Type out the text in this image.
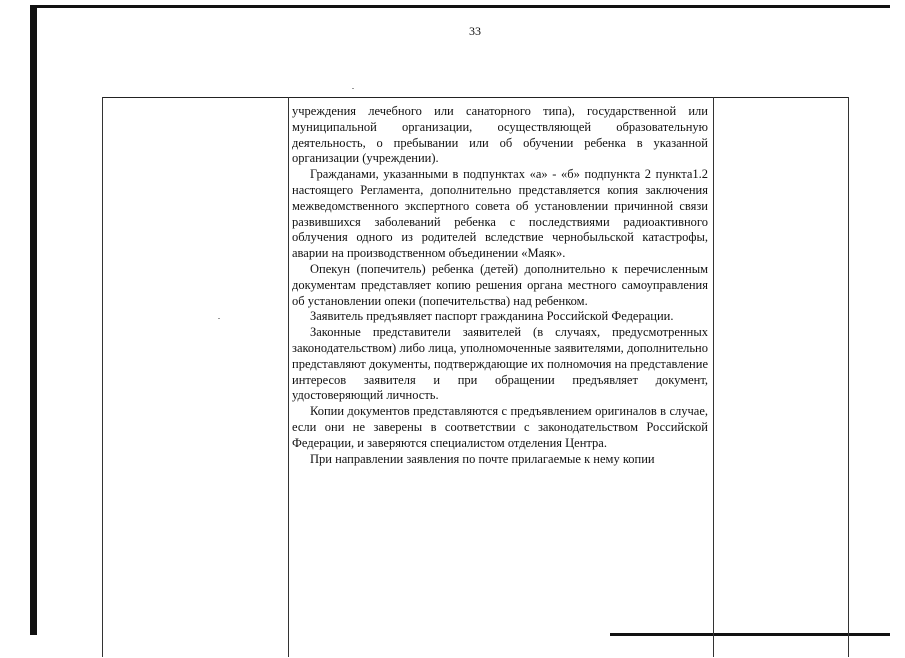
33

учреждения лечебного или санаторного типа), государственной или муниципальной организации, осуществляющей образовательную деятельность, о пребывании или об обучении ребенка в указанной организации (учреждении).

Гражданами, указанными в подпунктах «а» - «б» подпункта 2 пункта1.2 настоящего Регламента, дополнительно представляется копия заключения межведомственного экспертного совета об установлении причинной связи развившихся заболеваний ребенка с последствиями радиоактивного облучения одного из родителей вследствие чернобыльской катастрофы, аварии на производственном объединении «Маяк».

Опекун (попечитель) ребенка (детей) дополнительно к перечисленным документам представляет копию решения органа местного самоуправления об установлении опеки (попечительства) над ребенком.

Заявитель предъявляет паспорт гражданина Российской Федерации.

Законные представители заявителей (в случаях, предусмотренных законодательством) либо лица, уполномоченные заявителями, дополнительно представляют документы, подтверждающие их полномочия на представление интересов заявителя и при обращении предъявляет документ, удостоверяющий личность.

Копии документов представляются с предъявлением оригиналов в случае, если они не заверены в соответствии с законодательством Российской Федерации, и заверяются специалистом отделения Центра.

При направлении заявления по почте прилагаемые к нему копии
